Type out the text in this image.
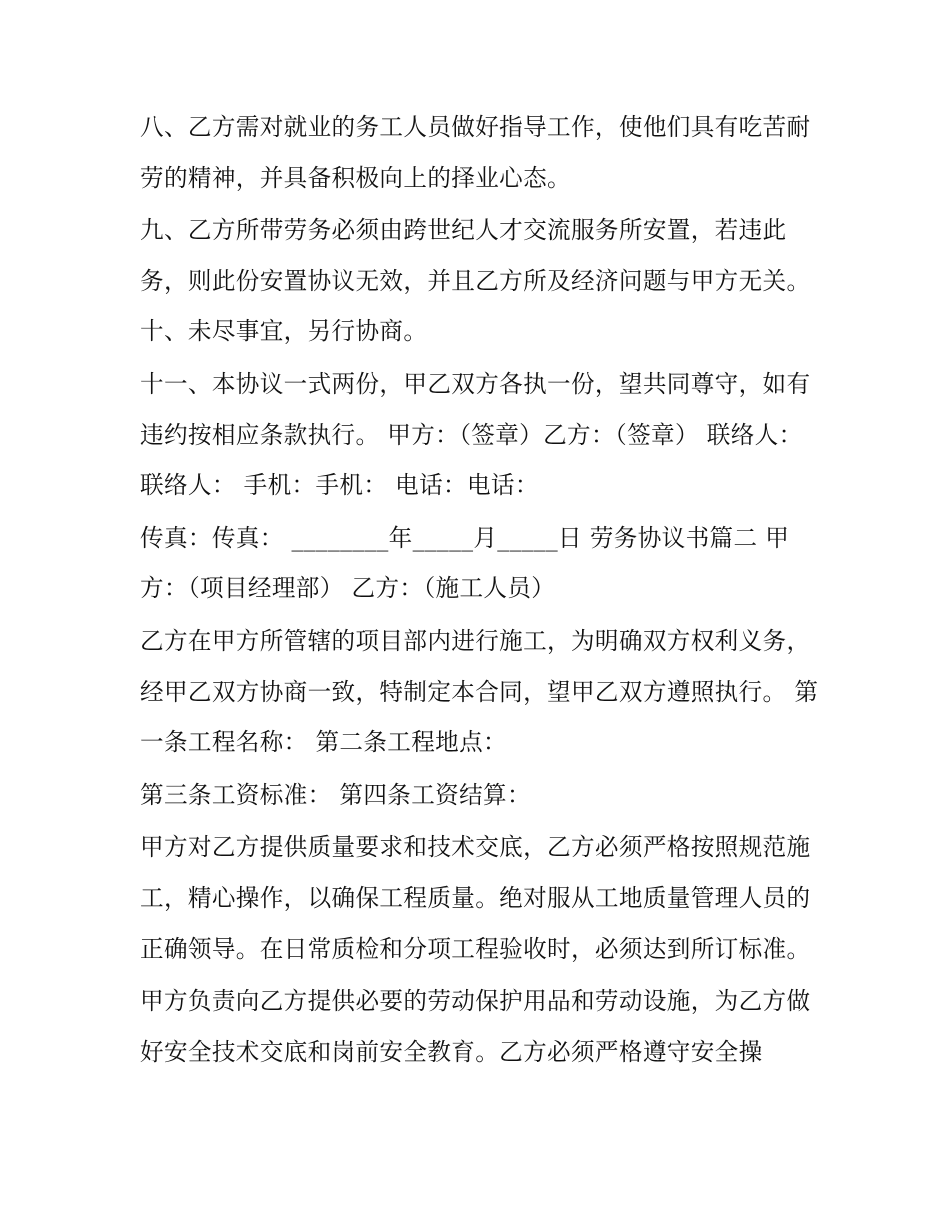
八、乙方需对就业的务工人员做好指导工作，使他们具有吃苦耐劳的精神，并具备积极向上的择业心态。

九、乙方所带劳务必须由跨世纪人才交流服务所安置，若违此务，则此份安置协议无效，并且乙方所及经济问题与甲方无关。 十、未尽事宜，另行协商。

十一、本协议一式两份，甲乙双方各执一份，望共同尊守，如有违约按相应条款执行。 甲方：（签章）乙方：（签章） 联络人：联络人： 手机：手机： 电话：电话：

传真：传真： ________年_____月_____日 劳务协议书篇二 甲方：（项目经理部） 乙方：（施工人员）

乙方在甲方所管辖的项目部内进行施工，为明确双方权利义务，经甲乙双方协商一致，特制定本合同，望甲乙双方遵照执行。 第一条工程名称： 第二条工程地点：

第三条工资标准： 第四条工资结算：

甲方对乙方提供质量要求和技术交底，乙方必须严格按照规范施工，精心操作，以确保工程质量。绝对服从工地质量管理人员的正确领导。在日常质检和分项工程验收时，必须达到所订标准。

甲方负责向乙方提供必要的劳动保护用品和劳动设施，为乙方做好安全技术交底和岗前安全教育。乙方必须严格遵守安全操
